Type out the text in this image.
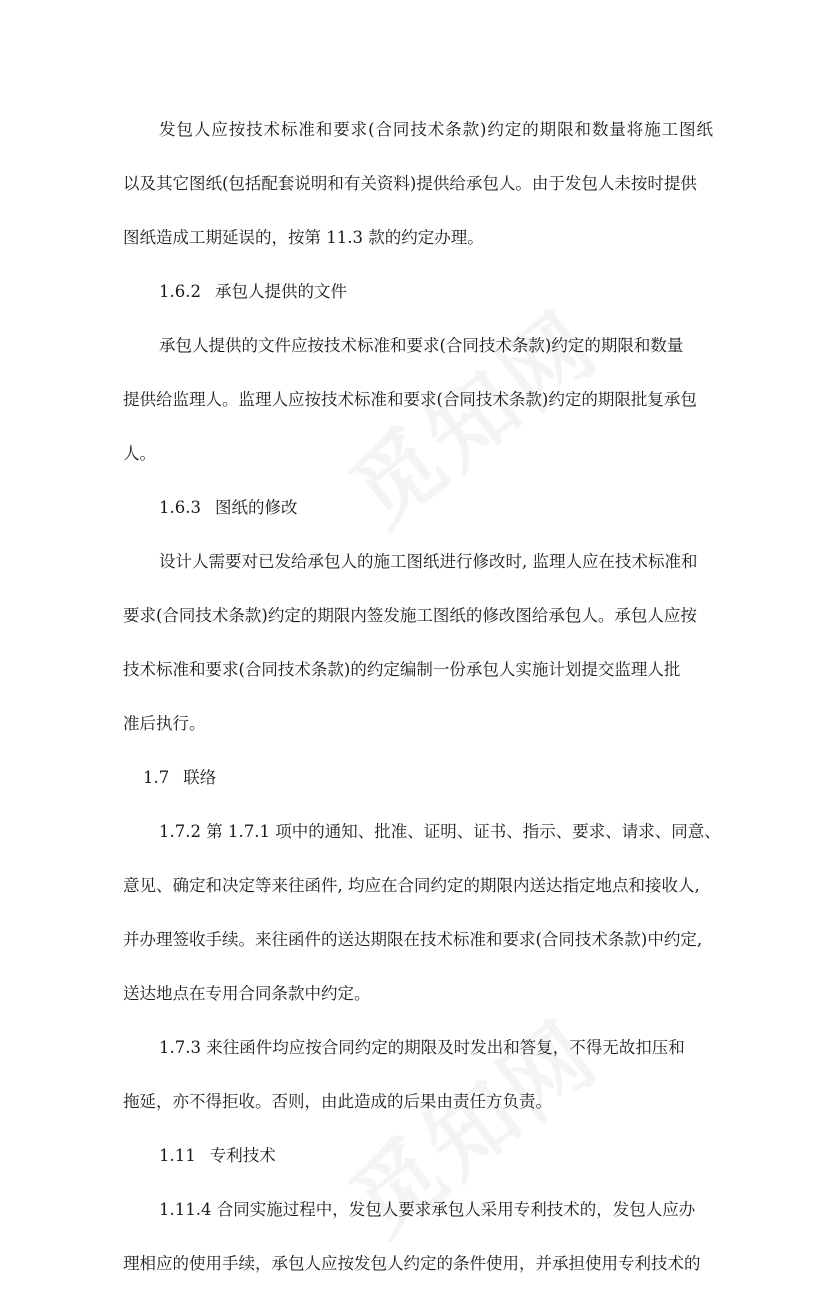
发包人应按技术标准和要求(合同技术条款)约定的期限和数量将施工图纸

以及其它图纸(包括配套说明和有关资料)提供给承包人。由于发包人未按时提供

图纸造成工期延误的，按第 11.3 款的约定办理。

1.6.2 承包人提供的文件

承包人提供的文件应按技术标准和要求(合同技术条款)约定的期限和数量

提供给监理人。监理人应按技术标准和要求(合同技术条款)约定的期限批复承包

人。

1.6.3 图纸的修改

设计人需要对已发给承包人的施工图纸进行修改时, 监理人应在技术标准和

要求(合同技术条款)约定的期限内签发施工图纸的修改图给承包人。承包人应按

技术标准和要求(合同技术条款)的约定编制一份承包人实施计划提交监理人批

准后执行。

1.7 联络

1.7.2 第 1.7.1 项中的通知、批准、证明、证书、指示、要求、请求、同意、

意见、确定和决定等来往函件, 均应在合同约定的期限内送达指定地点和接收人,

并办理签收手续。来往函件的送达期限在技术标准和要求(合同技术条款)中约定,

送达地点在专用合同条款中约定。

1.7.3 来往函件均应按合同约定的期限及时发出和答复，不得无故扣压和

拖延，亦不得拒收。否则，由此造成的后果由责任方负责。

1.11 专利技术

1.11.4 合同实施过程中，发包人要求承包人采用专利技术的，发包人应办

理相应的使用手续，承包人应按发包人约定的条件使用，并承担使用专利技术的
